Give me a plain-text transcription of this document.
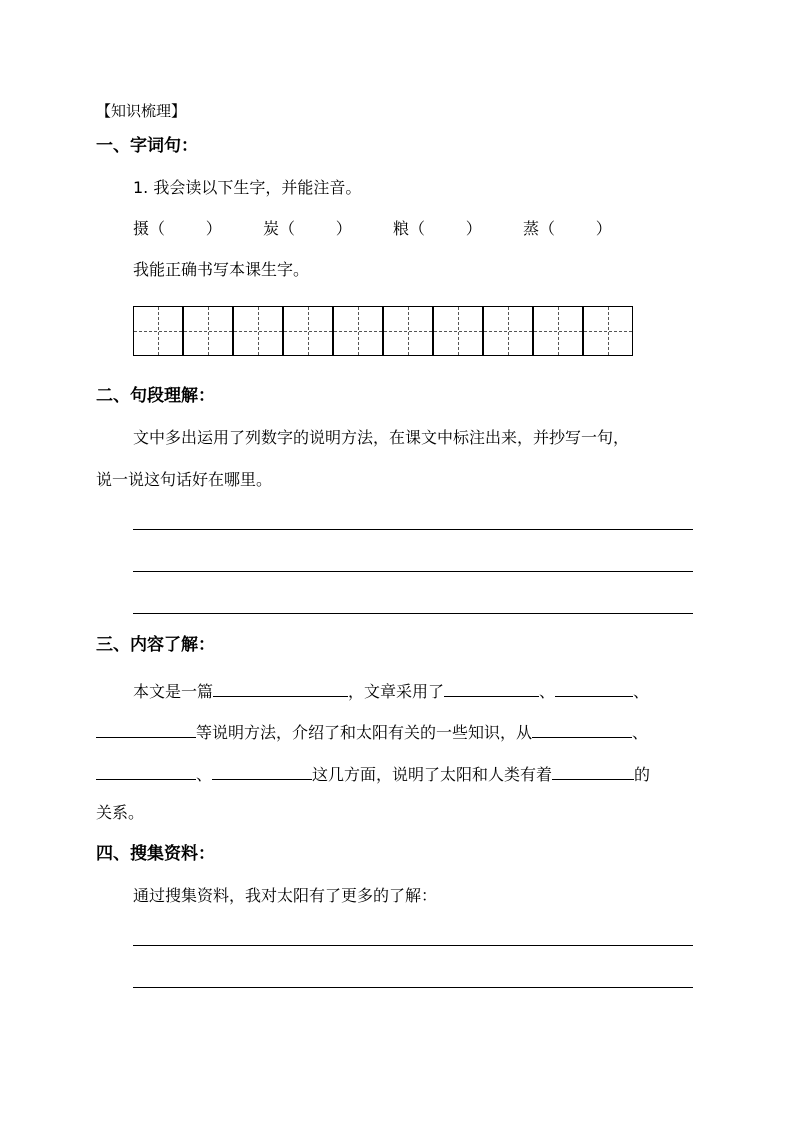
【知识梳理】
一、字词句：
1. 我会读以下生字，并能注音。
摄（        ）	炭（        ）	粮（        ）	蒸（        ）
我能正确书写本课生字。
二、句段理解：
文中多出运用了列数字的说明方法，在课文中标注出来，并抄写一句，
说一说这句话好在哪里。
三、内容了解：
本文是一篇	，文章采用了	、	、
等说明方法，介绍了和太阳有关的一些知识，从	、
、	这几方面，说明了太阳和人类有着	的
关系。
四、搜集资料：
通过搜集资料，我对太阳有了更多的了解：
